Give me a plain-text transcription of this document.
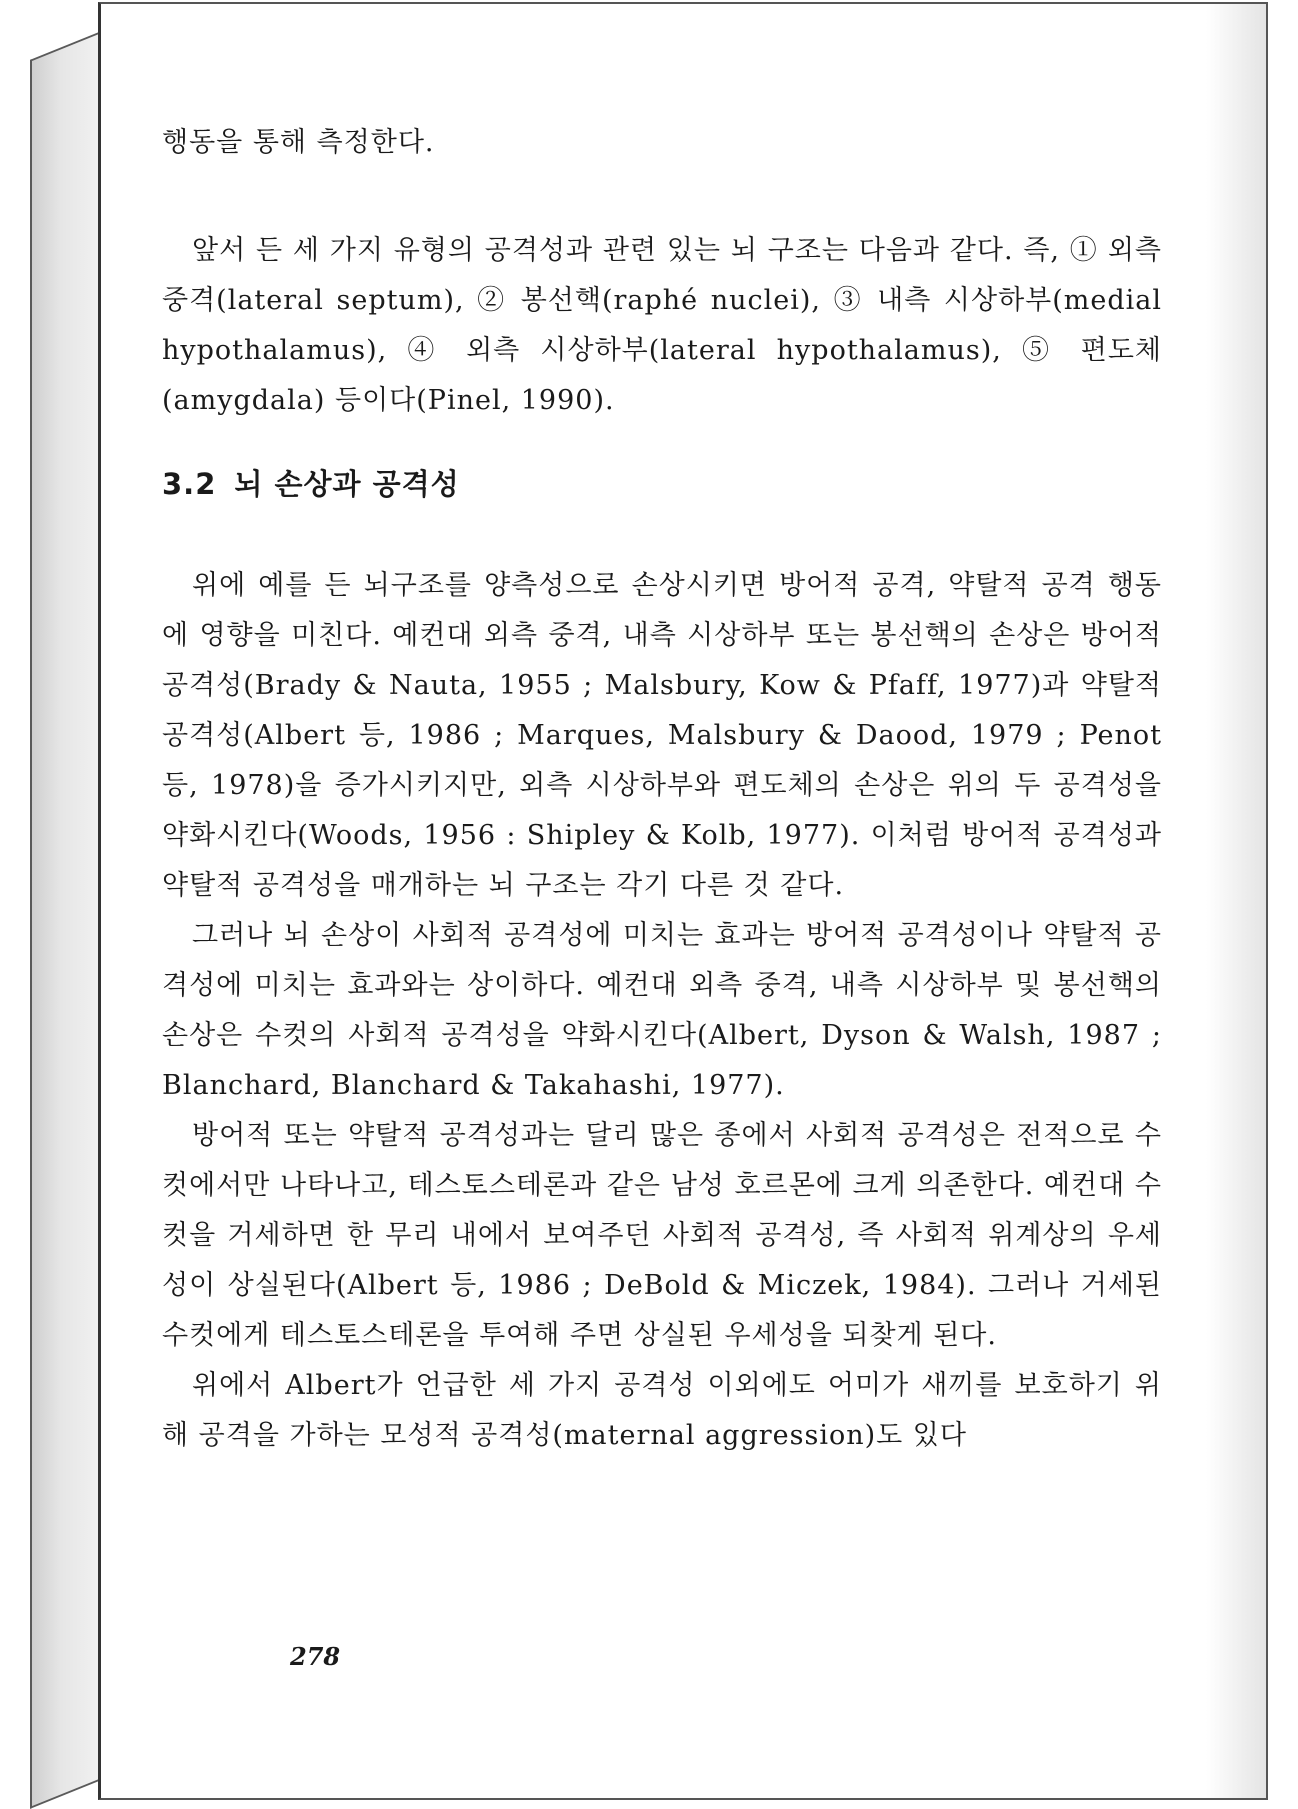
행동을 통해 측정한다.

앞서 든 세 가지 유형의 공격성과 관련 있는 뇌 구조는 다음과 같다. 즉, ① 외측 중격(lateral septum), ② 봉선핵(raphé nuclei), ③ 내측 시상하부(medial hypothalamus), ④ 외측 시상하부(lateral hypothalamus), ⑤ 편도체(amygdala) 등이다(Pinel, 1990).

3.2 뇌 손상과 공격성

위에 예를 든 뇌구조를 양측성으로 손상시키면 방어적 공격, 약탈적 공격 행동에 영향을 미친다. 예컨대 외측 중격, 내측 시상하부 또는 봉선핵의 손상은 방어적 공격성(Brady & Nauta, 1955 ; Malsbury, Kow & Pfaff, 1977)과 약탈적 공격성(Albert 등, 1986 ; Marques, Malsbury & Daood, 1979 ; Penot 등, 1978)을 증가시키지만, 외측 시상하부와 편도체의 손상은 위의 두 공격성을 약화시킨다(Woods, 1956 : Shipley & Kolb, 1977). 이처럼 방어적 공격성과 약탈적 공격성을 매개하는 뇌 구조는 각기 다른 것 같다.

그러나 뇌 손상이 사회적 공격성에 미치는 효과는 방어적 공격성이나 약탈적 공격성에 미치는 효과와는 상이하다. 예컨대 외측 중격, 내측 시상하부 및 봉선핵의 손상은 수컷의 사회적 공격성을 약화시킨다(Albert, Dyson & Walsh, 1987 ; Blanchard, Blanchard & Takahashi, 1977).

방어적 또는 약탈적 공격성과는 달리 많은 종에서 사회적 공격성은 전적으로 수컷에서만 나타나고, 테스토스테론과 같은 남성 호르몬에 크게 의존한다. 예컨대 수컷을 거세하면 한 무리 내에서 보여주던 사회적 공격성, 즉 사회적 위계상의 우세성이 상실된다(Albert 등, 1986 ; DeBold & Miczek, 1984). 그러나 거세된 수컷에게 테스토스테론을 투여해 주면 상실된 우세성을 되찾게 된다.

위에서 Albert가 언급한 세 가지 공격성 이외에도 어미가 새끼를 보호하기 위해 공격을 가하는 모성적 공격성(maternal aggression)도 있다

278
